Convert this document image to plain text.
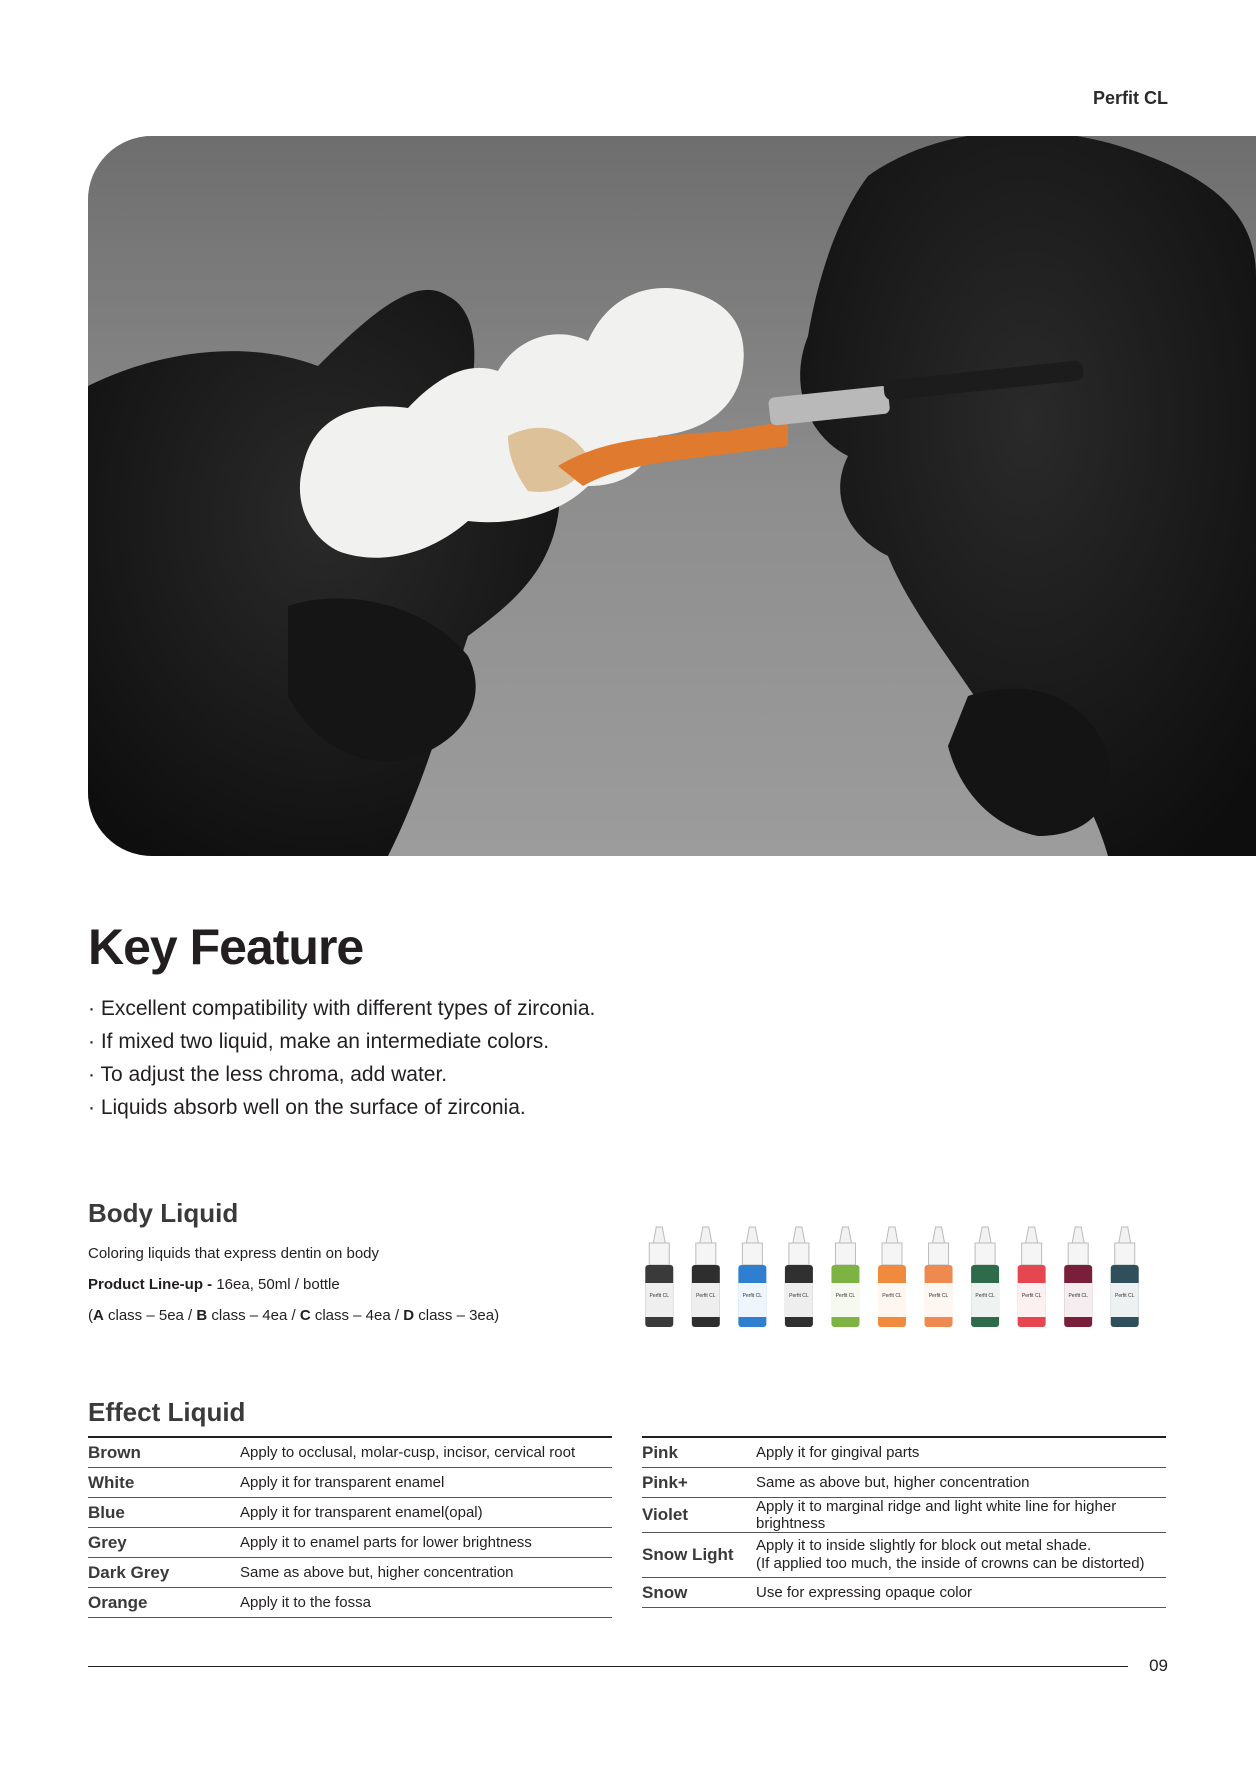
Perfit CL
Key Feature
· Excellent compatibility with different types of zirconia.
· If mixed two liquid, make an intermediate colors.
· To adjust the less chroma, add water.
· Liquids absorb well on the surface of zirconia.
Body Liquid
Coloring liquids that express dentin on body
Product Line-up - 16ea, 50ml / bottle
(A class – 5ea / B class – 4ea / C class – 4ea / D class – 3ea)
Perfit CL	Perfit CL	Perfit CL	Perfit CL	Perfit CL	Perfit CL	Perfit CL	Perfit CL	Perfit CL	Perfit CL	Perfit CL
Effect Liquid
Brown	Apply to occlusal, molar-cusp, incisor, cervical root
White	Apply it for transparent enamel
Blue	Apply it for transparent enamel(opal)
Grey	Apply it to enamel parts for lower brightness
Dark Grey	Same as above but, higher concentration
Orange	Apply it to the fossa
Pink	Apply it for gingival parts
Pink+	Same as above but, higher concentration
Violet	Apply it to marginal ridge and light white line for higher brightness
Snow Light	Apply it to inside slightly for block out metal shade.
(If applied too much, the inside of crowns can be distorted)

Snow	Use for expressing opaque color
09
